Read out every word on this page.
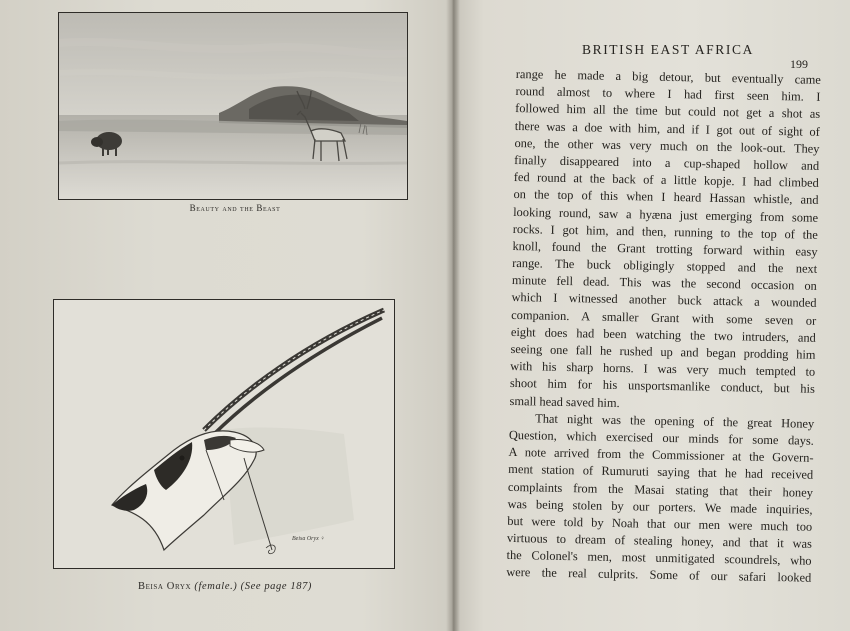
Beauty and the Beast
Beisa Oryx ♀
Beisa Oryx (female.) (See page 187)
BRITISH EAST AFRICA
199
range he made a big detour, but eventually came
round almost to where I had first seen him. I
followed him all the time but could not get a shot as
there was a doe with him, and if I got out of sight of
one, the other was very much on the look-out. They
finally disappeared into a cup-shaped hollow and
fed round at the back of a little kopje. I had climbed
on the top of this when I heard Hassan whistle, and
looking round, saw a hyæna just emerging from some
rocks. I got him, and then, running to the top of the
knoll, found the Grant trotting forward within easy
range. The buck obligingly stopped and the next
minute fell dead. This was the second occasion on
which I witnessed another buck attack a wounded
companion. A smaller Grant with some seven or
eight does had been watching the two intruders, and
seeing one fall he rushed up and began prodding him
with his sharp horns. I was very much tempted to
shoot him for his unsportsmanlike conduct, but his
small head saved him.
That night was the opening of the great Honey
Question, which exercised our minds for some days.
A note arrived from the Commissioner at the Govern-
ment station of Rumuruti saying that he had received
complaints from the Masai stating that their honey
was being stolen by our porters. We made inquiries,
but were told by Noah that our men were much too
virtuous to dream of stealing honey, and that it was
the Colonel's men, most unmitigated scoundrels, who
were the real culprits. Some of our safari looked
